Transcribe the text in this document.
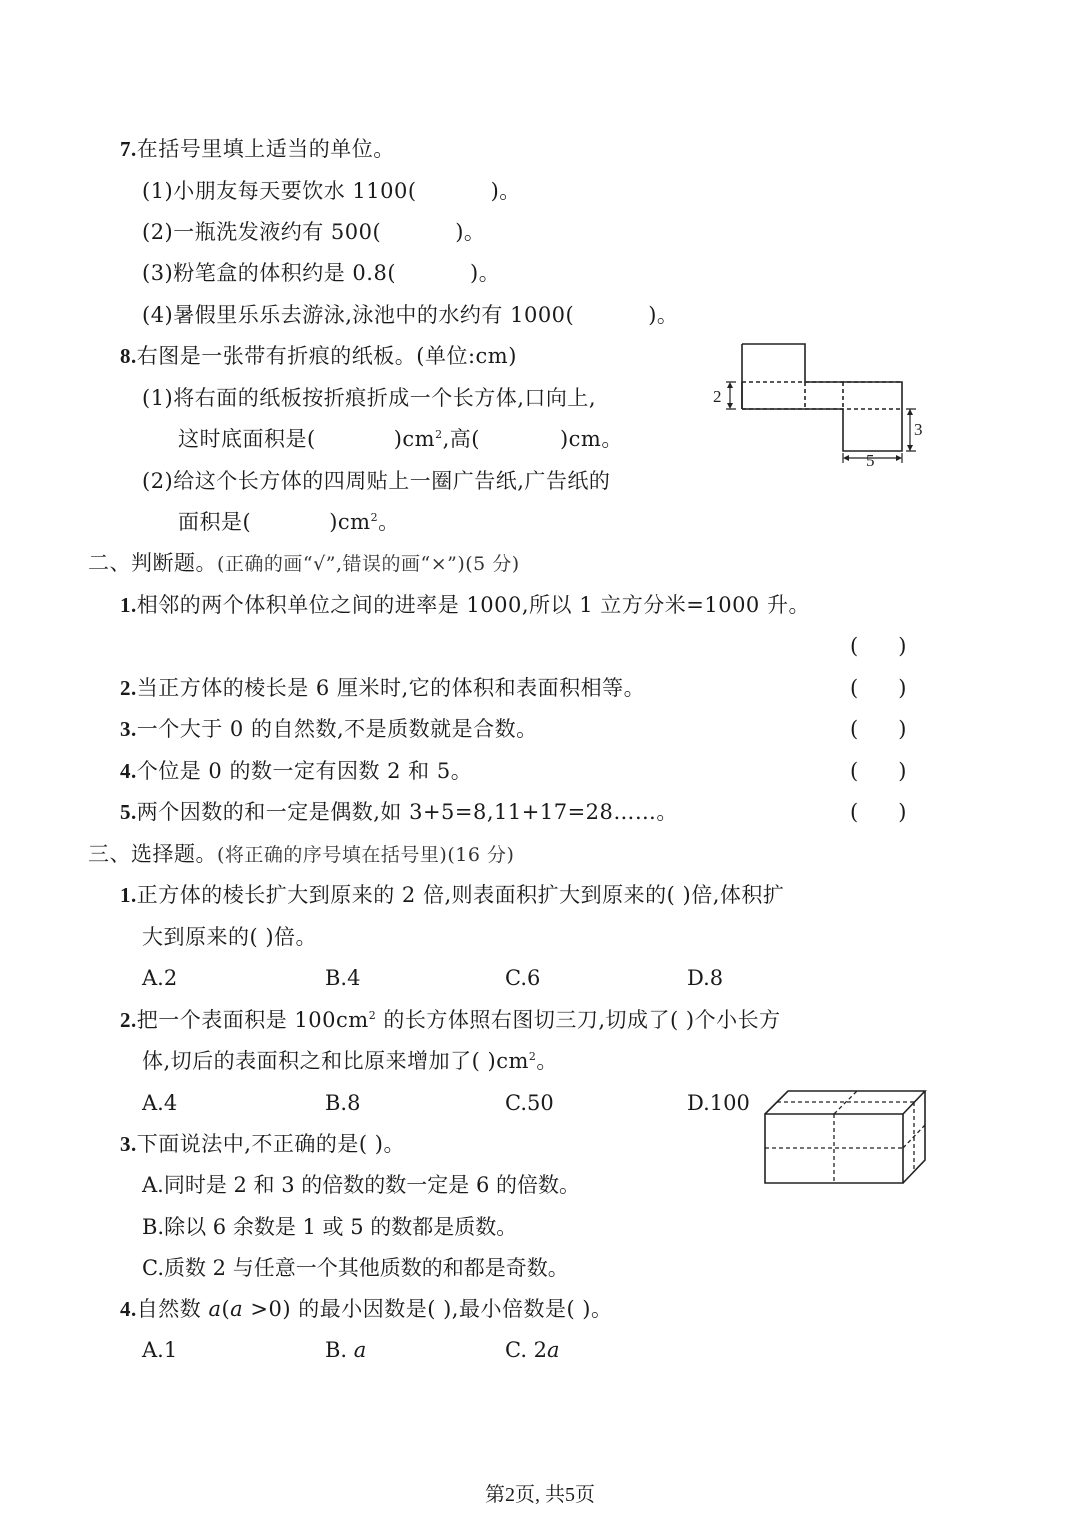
7.在括号里填上适当的单位。
(1)小朋友每天要饮水 1100(	)。
(2)一瓶洗发液约有 500(	)。
(3)粉笔盒的体积约是 0.8(	)。
(4)暑假里乐乐去游泳,泳池中的水约有 1000(	)。
8.右图是一张带有折痕的纸板。(单位:cm)
(1)将右面的纸板按折痕折成一个长方体,口向上,
这时底面积是(	)$cm^2$,高(	)cm。
(2)给这个长方体的四周贴上一圈广告纸,广告纸的
面积是(	)$cm^2$。
2
3
5
二、判断题。(正确的画“√”,错误的画“×”)(5 分)
1.相邻的两个体积单位之间的进率是 1000,所以 1 立方分米=1000 升。
( )
2.当正方体的棱长是 6 厘米时,它的体积和表面积相等。	( )
3.一个大于 0 的自然数,不是质数就是合数。	( )
4.个位是 0 的数一定有因数 2 和 5。	( )
5.两个因数的和一定是偶数,如 3+5=8,11+17=28……。	( )
三、选择题。(将正确的序号填在括号里)(16 分)
1.正方体的棱长扩大到原来的 2 倍,则表面积扩大到原来的( )倍,体积扩
大到原来的( )倍。
A.2	B.4	C.6	D.8
2.把一个表面积是 $100cm^2$ 的长方体照右图切三刀,切成了( )个小长方
体,切后的表面积之和比原来增加了( )$cm^2$。
A.4	B.8	C.50	D.100
3.下面说法中,不正确的是( )。
A.同时是 2 和 3 的倍数的数一定是 6 的倍数。
B.除以 6 余数是 1 或 5 的数都是质数。
C.质数 2 与任意一个其他质数的和都是奇数。
4.自然数 a(a >0) 的最小因数是( ),最小倍数是( )。
A.1	B. a	C. 2a
第2页, 共5页
